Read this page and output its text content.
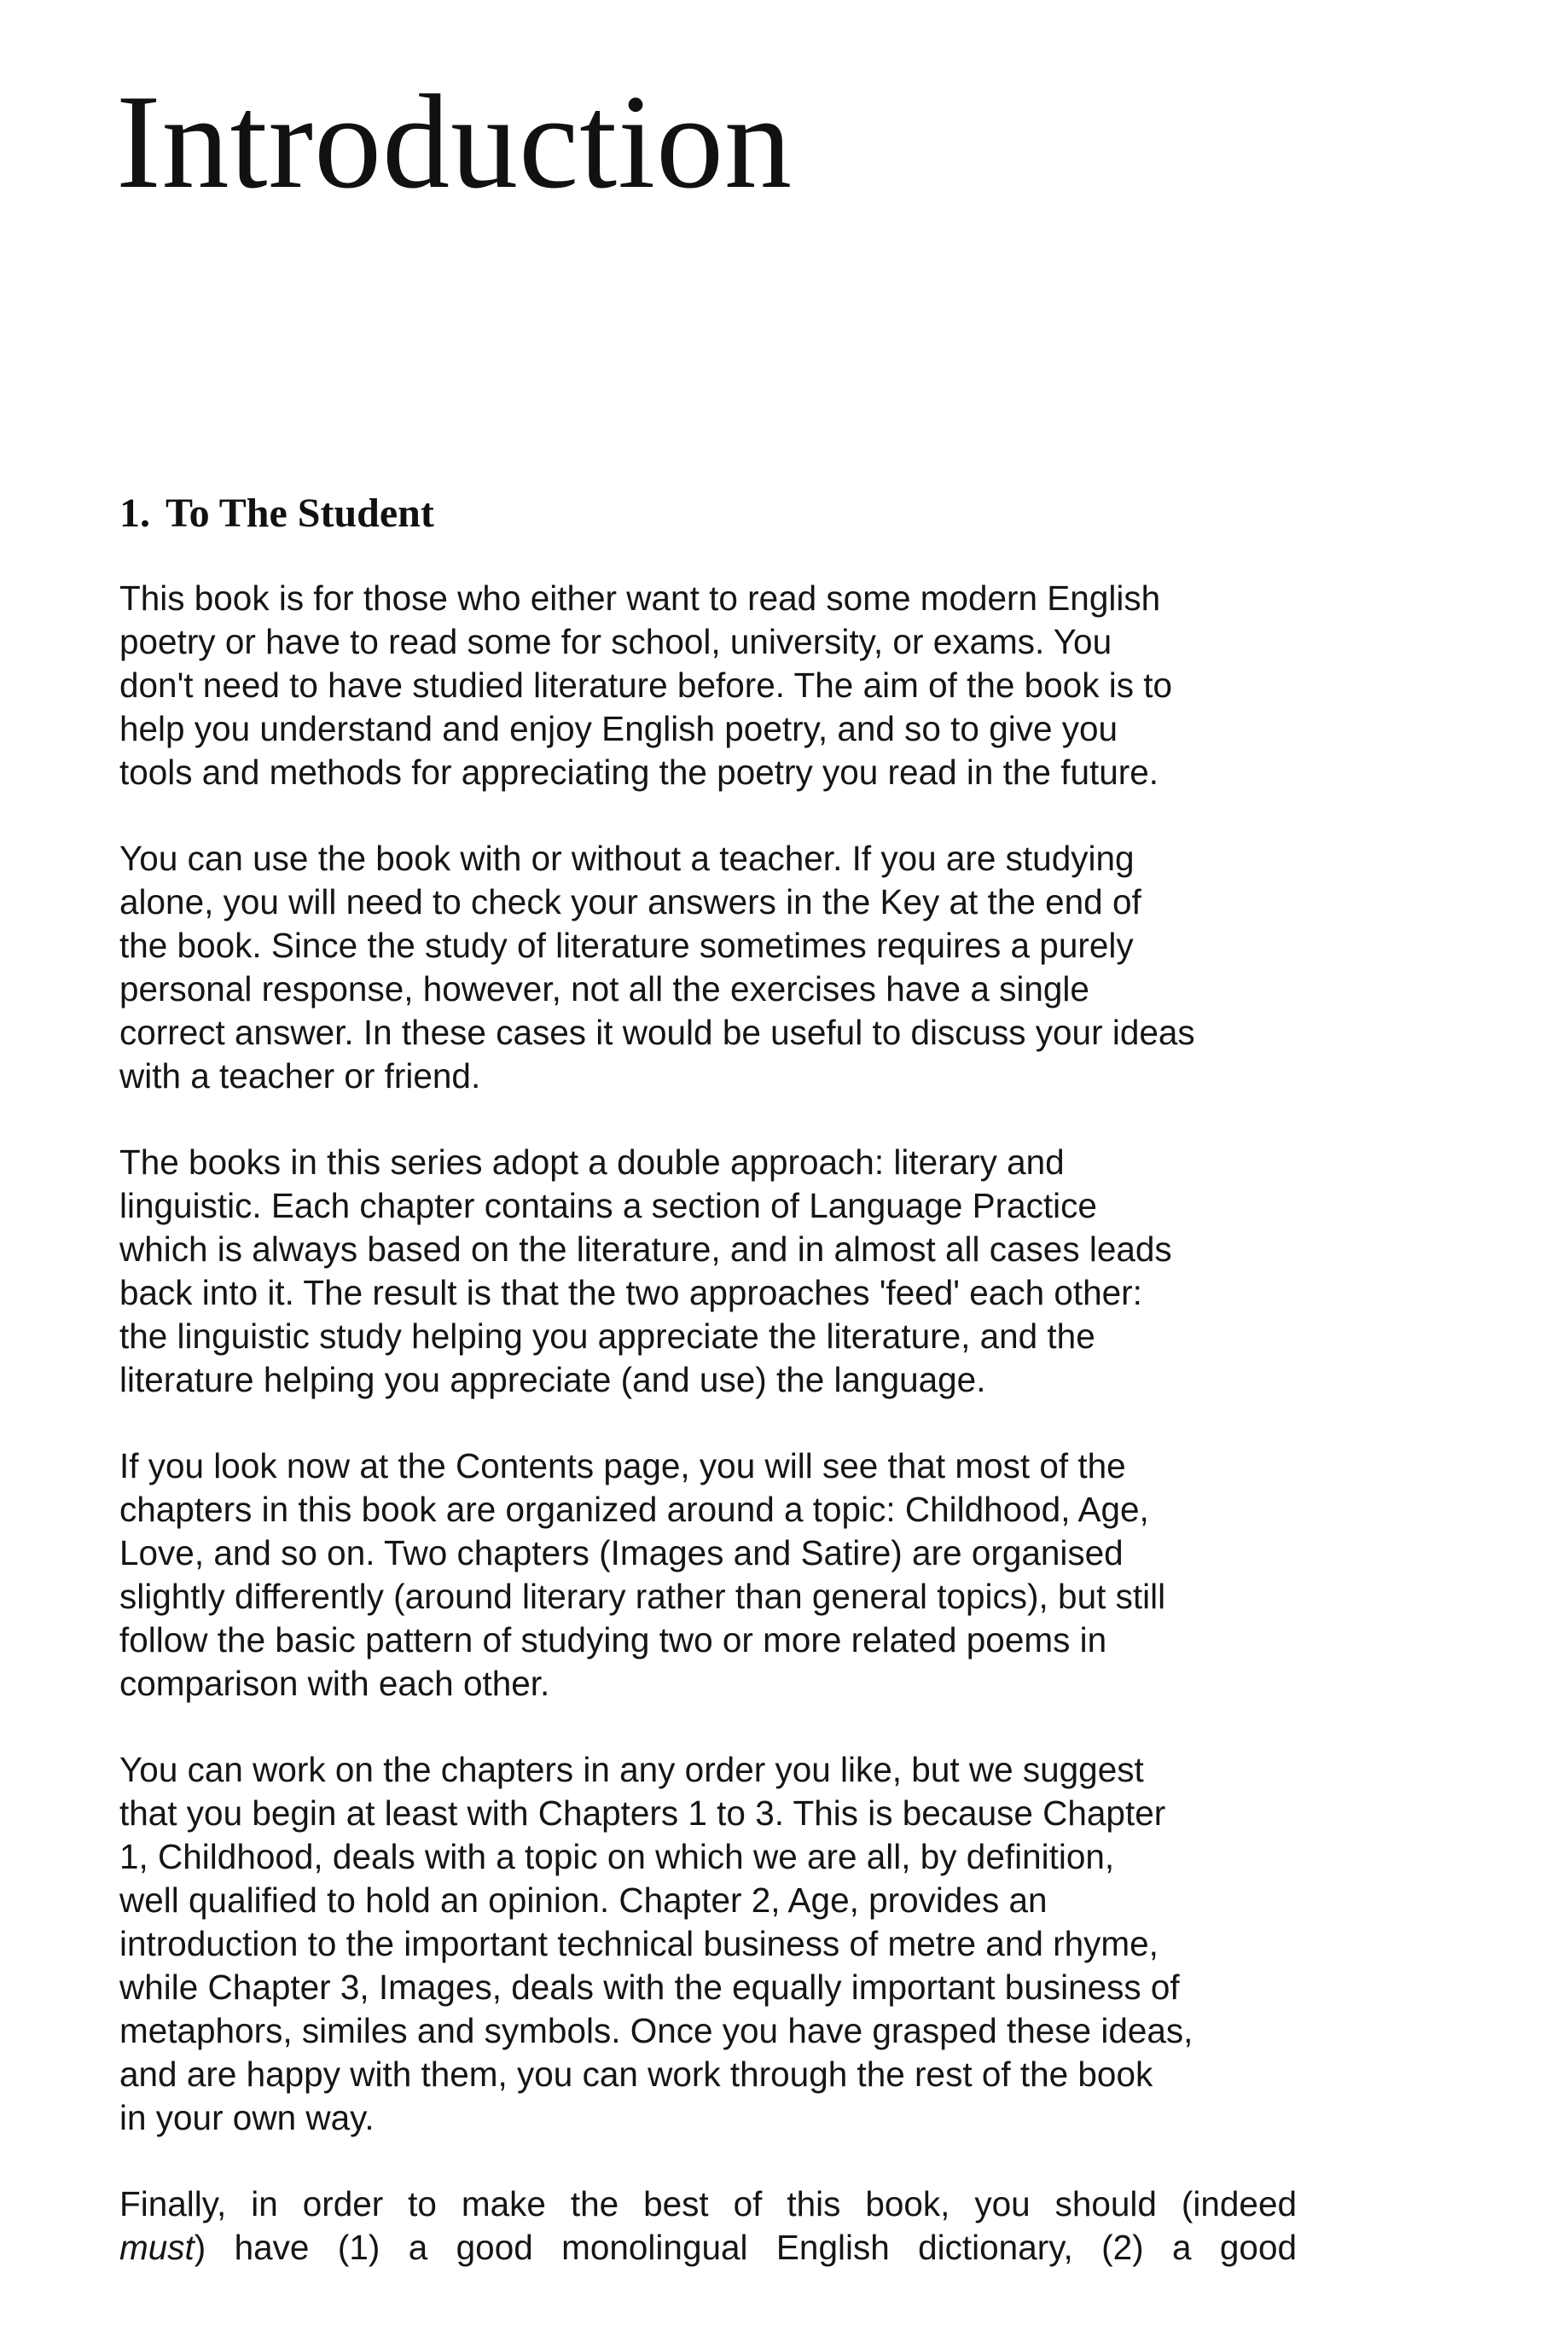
Introduction
1. To The Student

This book is for those who either want to read some modern English
poetry or have to read some for school, university, or exams. You
don't need to have studied literature before. The aim of the book is to
help you understand and enjoy English poetry, and so to give you
tools and methods for appreciating the poetry you read in the future.

You can use the book with or without a teacher. If you are studying
alone, you will need to check your answers in the Key at the end of
the book. Since the study of literature sometimes requires a purely
personal response, however, not all the exercises have a single
correct answer. In these cases it would be useful to discuss your ideas
with a teacher or friend.

The books in this series adopt a double approach: literary and
linguistic. Each chapter contains a section of Language Practice
which is always based on the literature, and in almost all cases leads
back into it. The result is that the two approaches 'feed' each other:
the linguistic study helping you appreciate the literature, and the
literature helping you appreciate (and use) the language.

If you look now at the Contents page, you will see that most of the
chapters in this book are organized around a topic: Childhood, Age,
Love, and so on. Two chapters (Images and Satire) are organised
slightly differently (around literary rather than general topics), but still
follow the basic pattern of studying two or more related poems in
comparison with each other.

You can work on the chapters in any order you like, but we suggest
that you begin at least with Chapters 1 to 3. This is because Chapter
1, Childhood, deals with a topic on which we are all, by definition,
well qualified to hold an opinion. Chapter 2, Age, provides an
introduction to the important technical business of metre and rhyme,
while Chapter 3, Images, deals with the equally important business of
metaphors, similes and symbols. Once you have grasped these ideas,
and are happy with them, you can work through the rest of the book
in your own way.

Finally, in order to make the best of this book, you should (indeed
must) have (1) a good monolingual English dictionary, (2) a good
